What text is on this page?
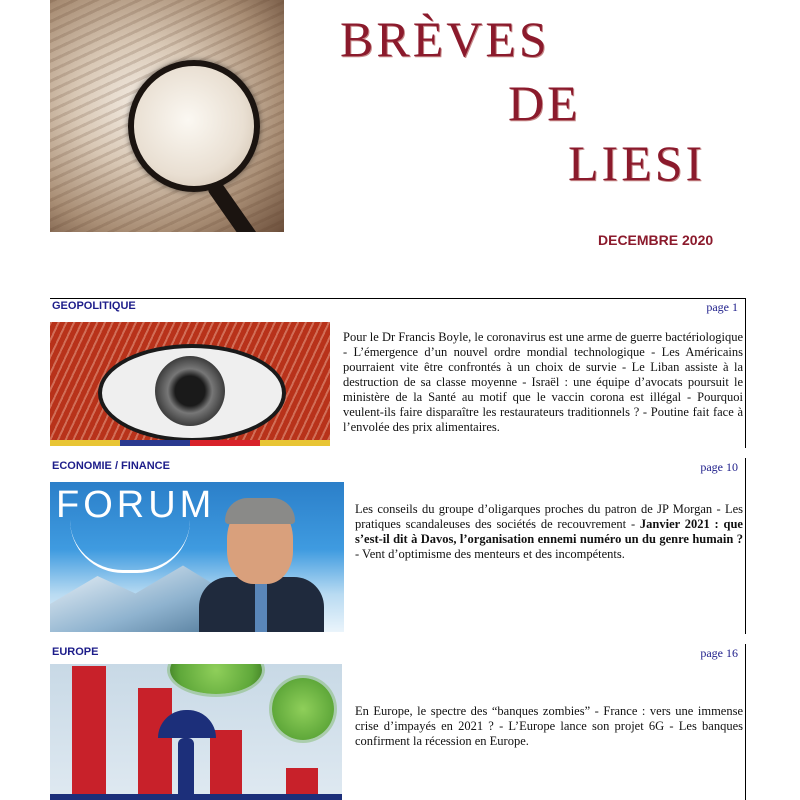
BRÈVES
DE
LIESI
DECEMBRE 2020
GEOPOLITIQUE	page 1
Pour le Dr Francis Boyle, le coronavirus est une arme de guerre bactériologique - L’émergence d’un nouvel ordre mondial technologique - Les Américains pourraient vite être confrontés à un choix de survie - Le Liban assiste à la destruction de sa classe moyenne - Israël : une équipe d’avocats poursuit le ministère de la Santé au motif que le vaccin corona est illégal - Pourquoi veulent-ils faire disparaître les restaurateurs traditionnels ? - Poutine fait face à l’envolée des prix alimentaires.
ECONOMIE / FINANCE	page 10
FORUM	Les conseils du groupe d’oligarques proches du patron de JP Morgan - Les pratiques scandaleuses des sociétés de recouvrement - Janvier 2021 : que s’est-il dit à Davos, l’organisation ennemi numéro un du genre humain ? - Vent d’optimisme des menteurs et des incompétents.
EUROPE	page 16
En Europe, le spectre des “banques zombies” - France : vers une immense crise d’impayés en 2021 ? - L’Europe lance son projet 6G - Les banques confirment la récession en Europe.
